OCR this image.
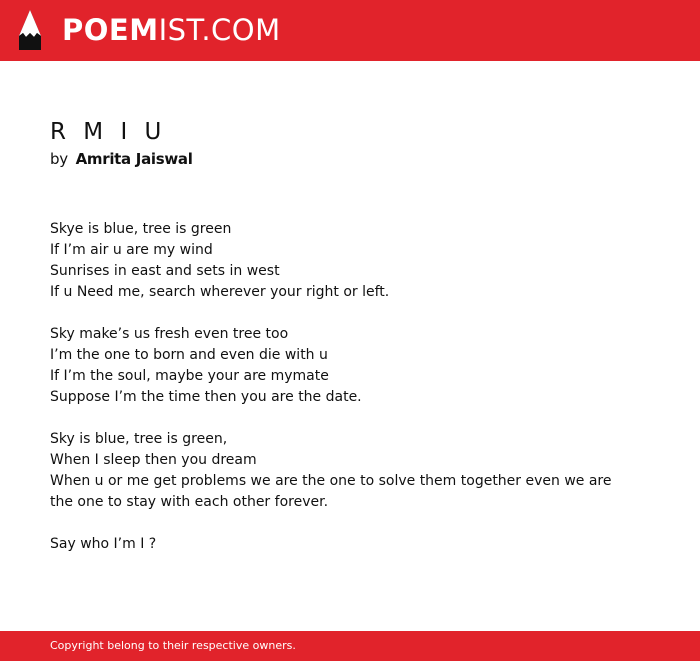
POEMIST.COM
R M I U
by Amrita Jaiswal
Skye is blue, tree is green
If I’m air u are my wind
Sunrises in east and sets in west
If u Need me, search wherever your right or left.
Sky make’s us fresh even tree too
I’m the one to born and even die with u
If I’m the soul, maybe your are mymate
Suppose I’m the time then you are the date.
Sky is blue, tree is green,
When I sleep then you dream
When u or me get problems we are the one to solve them together even we are
the one to stay with each other forever.
Say who I’m I ?
Copyright belong to their respective owners.
